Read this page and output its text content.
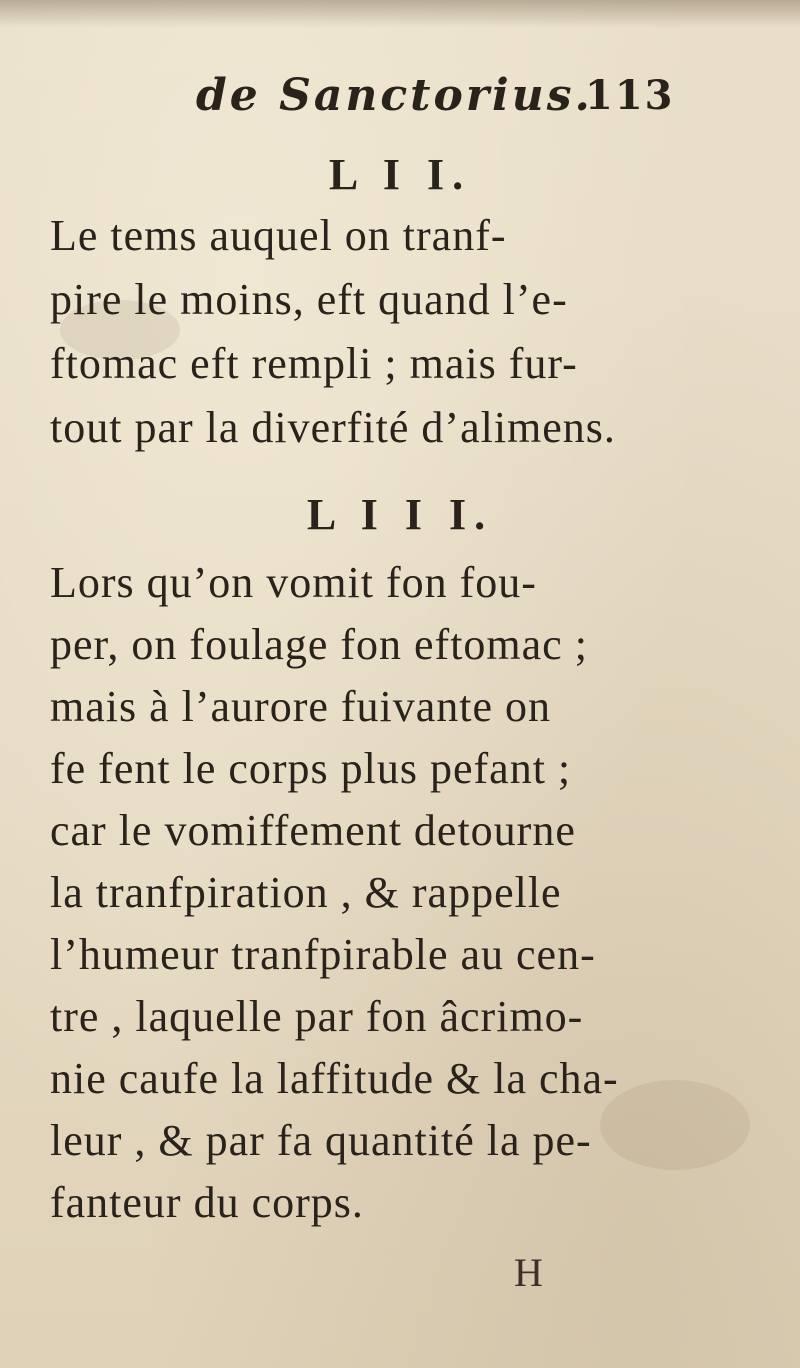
de Sanctorius.
113
L I I.
Le tems auquel on tranf-
pire le moins, eft quand l’e-
ftomac eft rempli ; mais fur-
tout par la diverfité d’alimens.
L I I I.
Lors qu’on vomit fon fou-
per, on foulage fon eftomac ;
mais à l’aurore fuivante on
fe fent le corps plus pefant ;
car le vomiffement detourne
la tranfpiration , & rappelle
l’humeur tranfpirable au cen-
tre , laquelle par fon âcrimo-
nie caufe la laffitude & la cha-
leur , & par fa quantité la pe-
fanteur du corps.
H
